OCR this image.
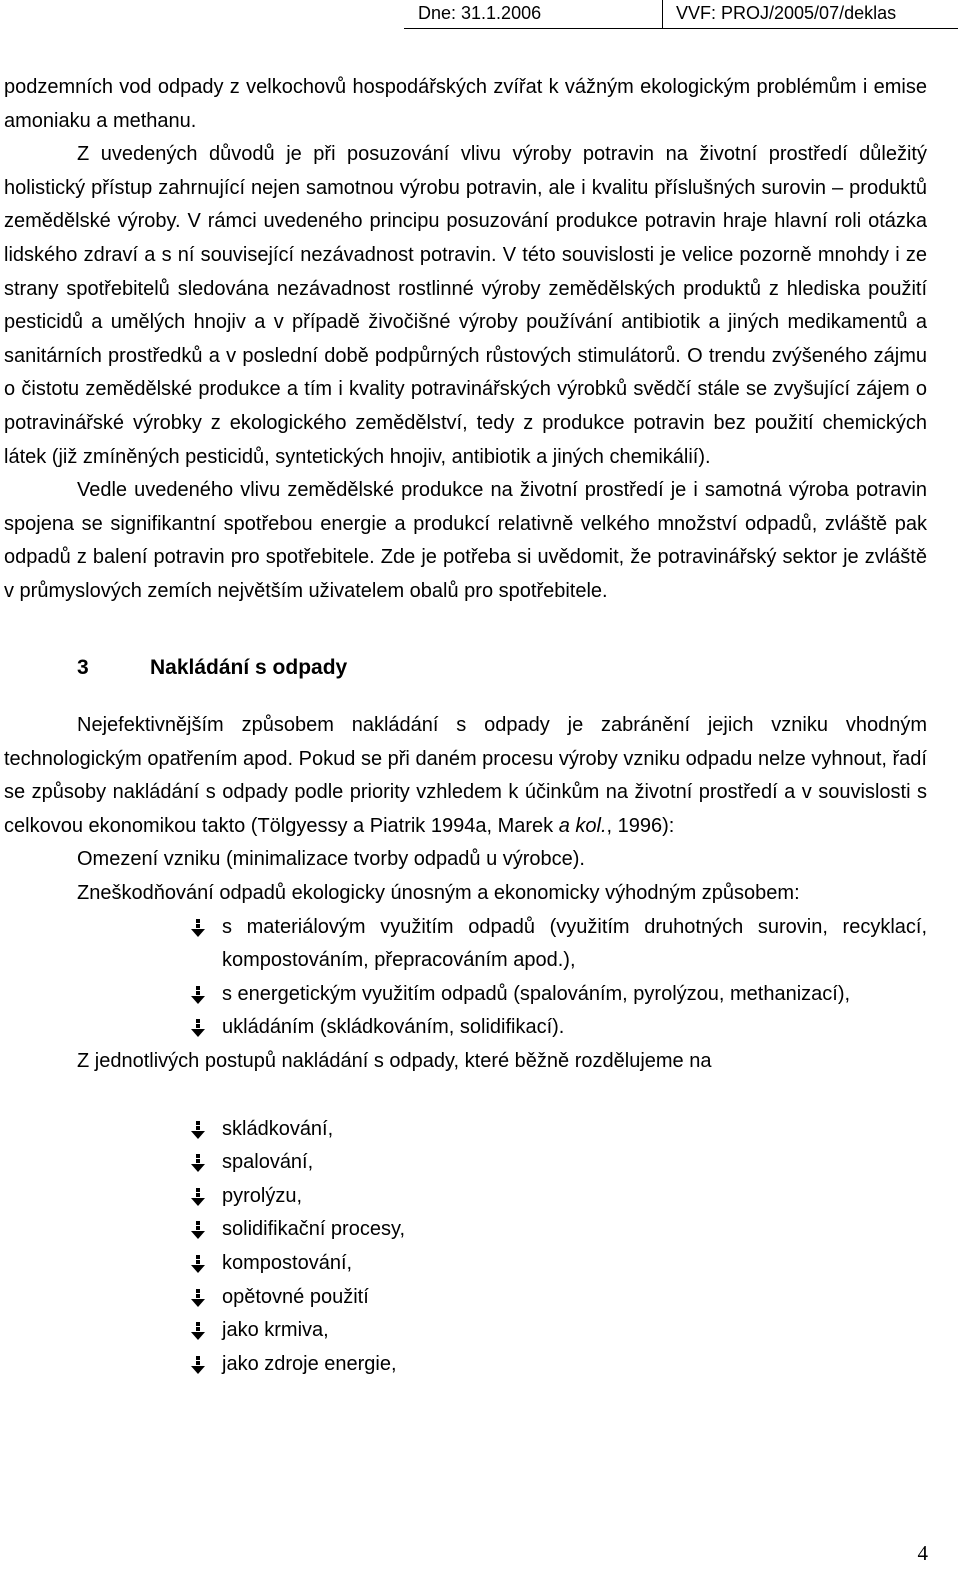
Dne: 31.1.2006	VVF: PROJ/2005/07/deklas

podzemních vod odpady z velkochovů hospodářských zvířat k vážným ekologickým problémům i emise amoniaku a methanu.

Z uvedených důvodů je při posuzování vlivu výroby potravin na životní prostředí důležitý holistický přístup zahrnující nejen samotnou výrobu potravin, ale i kvalitu příslušných surovin – produktů zemědělské výroby. V rámci uvedeného principu posuzování produkce potravin hraje hlavní roli otázka lidského zdraví a s ní související nezávadnost potravin. V této souvislosti je velice pozorně mnohdy i ze strany spotřebitelů sledována nezávadnost rostlinné výroby zemědělských produktů z hlediska použití pesticidů a umělých hnojiv a v případě živočišné výroby používání antibiotik a jiných medikamentů a sanitárních prostředků a v poslední době podpůrných růstových stimulátorů. O trendu zvýšeného zájmu o čistotu zemědělské produkce a tím i kvality potravinářských výrobků svědčí stále se zvyšující zájem o potravinářské výrobky z ekologického zemědělství, tedy z produkce potravin bez použití chemických látek (již zmíněných pesticidů, syntetických hnojiv, antibiotik a jiných chemikálií).

Vedle uvedeného vlivu zemědělské produkce na životní prostředí je i samotná výroba potravin spojena se signifikantní spotřebou energie a produkcí relativně velkého množství odpadů, zvláště pak odpadů z balení potravin pro spotřebitele. Zde je potřeba si uvědomit, že potravinářský sektor je zvláště v průmyslových zemích největším uživatelem obalů pro spotřebitele.

3	Nakládání s odpady

Nejefektivnějším způsobem nakládání s odpady je zabránění jejich vzniku vhodným technologickým opatřením apod. Pokud se při daném procesu výroby vzniku odpadu nelze vyhnout, řadí se způsoby nakládání s odpady podle priority vzhledem k účinkům na životní prostředí a v souvislosti s celkovou ekonomikou takto (Tölgyessy a Piatrik 1994a, Marek a kol., 1996):

Omezení vzniku (minimalizace tvorby odpadů u výrobce).

Zneškodňování odpadů ekologicky únosným a ekonomicky výhodným způsobem:

s materiálovým využitím odpadů (využitím druhotných surovin, recyklací, kompostováním, přepracováním apod.),
s energetickým využitím odpadů (spalováním, pyrolýzou, methanizací),
ukládáním (skládkováním, solidifikací).

Z jednotlivých postupů nakládání s odpady, které běžně rozdělujeme na

skládkování,
spalování,
pyrolýzu,
solidifikační procesy,
kompostování,
opětovné použití
jako krmiva,
jako zdroje energie,
4
